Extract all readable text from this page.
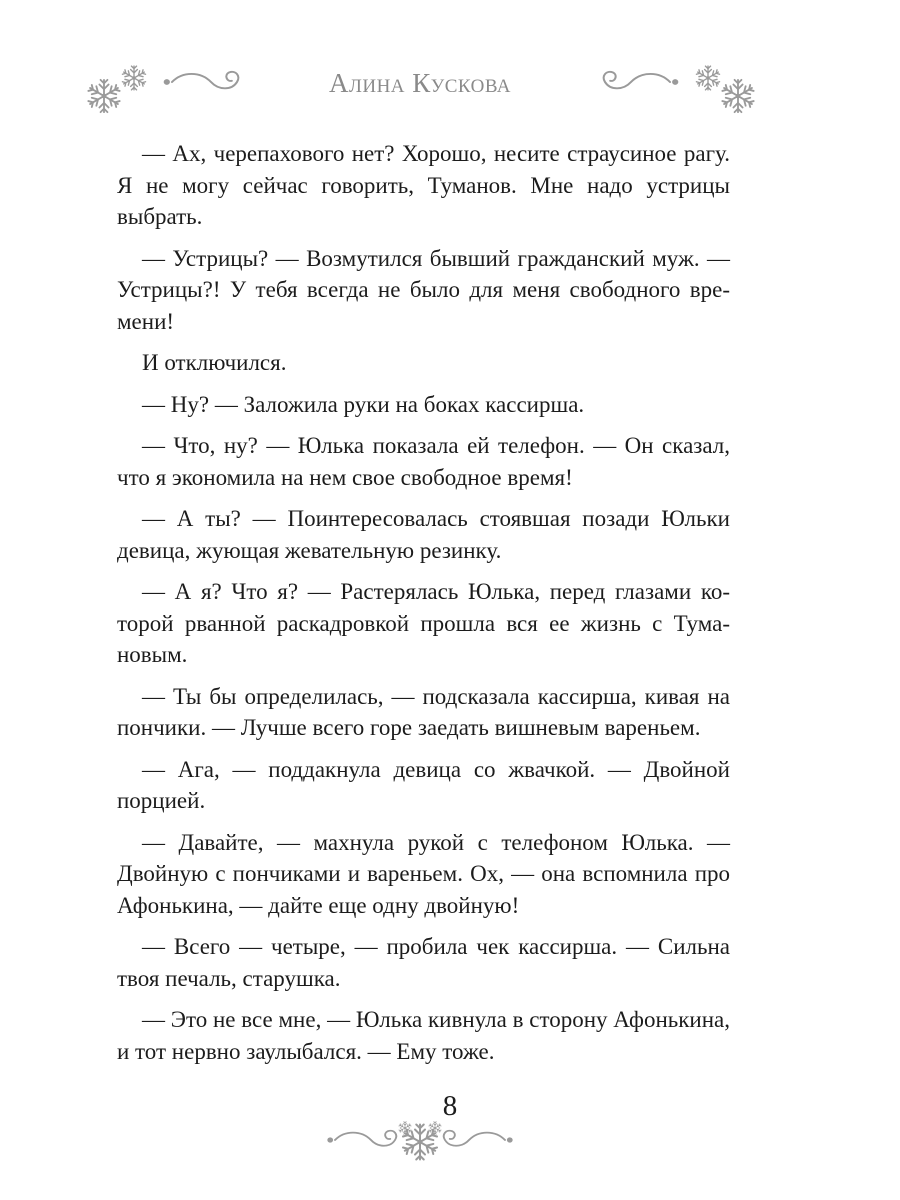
Алина Кускова

— Ах, черепахового нет? Хорошо, несите страусиное рагу. Я не могу сейчас говорить, Туманов. Мне надо устрицы выбрать.

— Устрицы? — Возмутился бывший гражданский муж. — Устрицы?! У тебя всегда не было для меня свободного времени!

И отключился.

— Ну? — Заложила руки на боках кассирша.

— Что, ну? — Юлька показала ей телефон. — Он сказал, что я экономила на нем свое свободное время!

— А ты? — Поинтересовалась стоявшая позади Юльки девица, жующая жевательную резинку.

— А я? Что я? — Растерялась Юлька, перед глазами которой рванной раскадровкой прошла вся ее жизнь с Тумановым.

— Ты бы определилась, — подсказала кассирша, кивая на пончики. — Лучше всего горе заедать вишневым вареньем.

— Ага, — поддакнула девица со жвачкой. — Двойной порцией.

— Давайте, — махнула рукой с телефоном Юлька. — Двойную с пончиками и вареньем. Ох, — она вспомнила про Афонькина, — дайте еще одну двойную!

— Всего — четыре, — пробила чек кассирша. — Сильна твоя печаль, старушка.

— Это не все мне, — Юлька кивнула в сторону Афонькина, и тот нервно заулыбался. — Ему тоже.

8
